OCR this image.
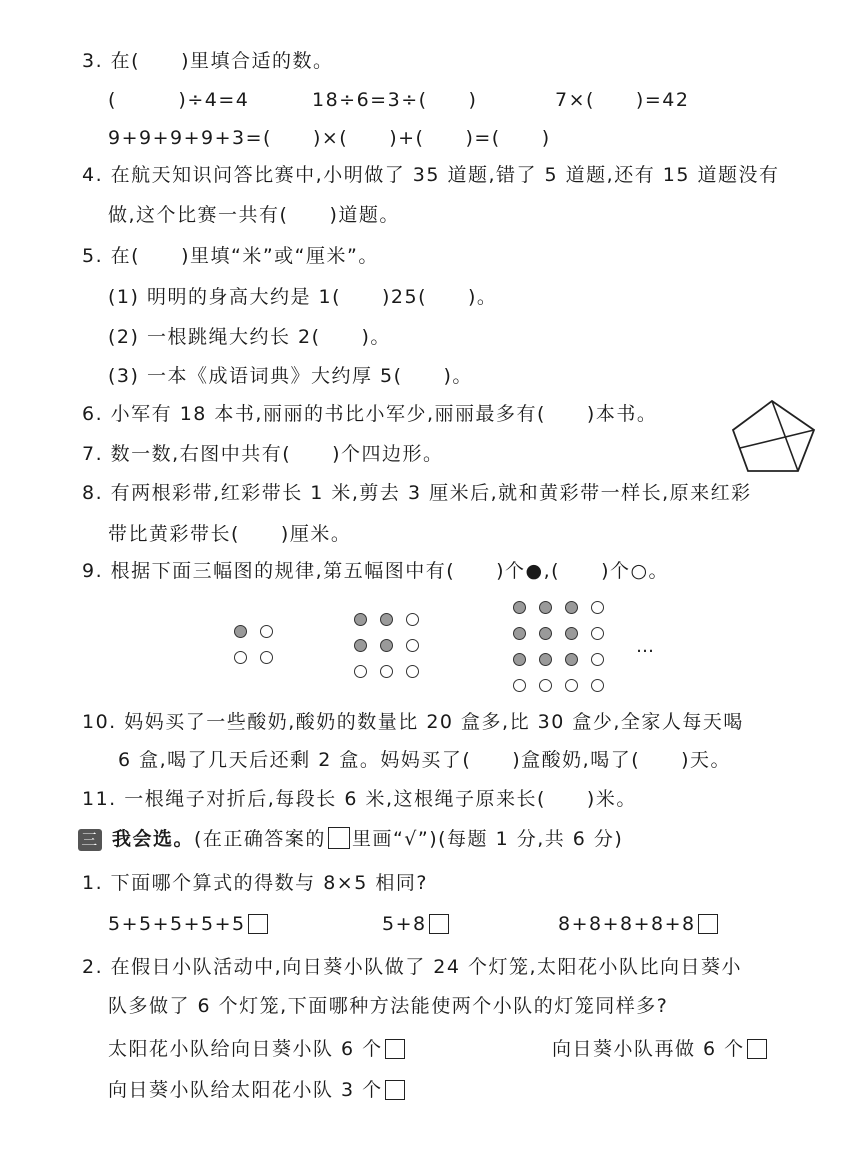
3. 在(　　)里填合适的数。
(　　　)÷4=4	18÷6=3÷(　　)	7×(　　)=42
9+9+9+9+3=(　　)×(　　)+(　　)=(　　)
4. 在航天知识问答比赛中,小明做了 35 道题,错了 5 道题,还有 15 道题没有
做,这个比赛一共有(　　)道题。
5. 在(　　)里填“米”或“厘米”。
(1) 明明的身高大约是 1(　　)25(　　)。
(2) 一根跳绳大约长 2(　　)。
(3) 一本《成语词典》大约厚 5(　　)。
6. 小军有 18 本书,丽丽的书比小军少,丽丽最多有(　　)本书。
7. 数一数,右图中共有(　　)个四边形。
8. 有两根彩带,红彩带长 1 米,剪去 3 厘米后,就和黄彩带一样长,原来红彩
带比黄彩带长(　　)厘米。
9. 根据下面三幅图的规律,第五幅图中有(　　)个●,(　　)个○。
…
10. 妈妈买了一些酸奶,酸奶的数量比 20 盒多,比 30 盒少,全家人每天喝
6 盒,喝了几天后还剩 2 盒。妈妈买了(　　)盒酸奶,喝了(　　)天。
11. 一根绳子对折后,每段长 6 米,这根绳子原来长(　　)米。
三 我会选。(在正确答案的 里画“√”)(每题 1 分,共 6 分)
1. 下面哪个算式的得数与 8×5 相同?
5+5+5+5+5	5+8	8+8+8+8+8
2. 在假日小队活动中,向日葵小队做了 24 个灯笼,太阳花小队比向日葵小
队多做了 6 个灯笼,下面哪种方法能使两个小队的灯笼同样多?
太阳花小队给向日葵小队 6 个	向日葵小队再做 6 个
向日葵小队给太阳花小队 3 个
